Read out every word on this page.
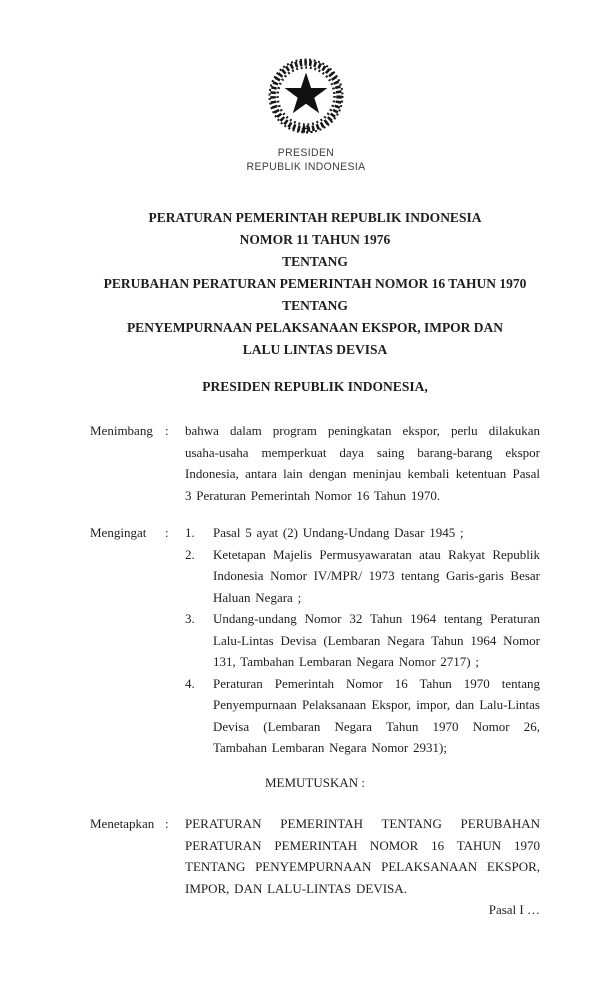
PRESIDEN
REPUBLIK INDONESIA
PERATURAN PEMERINTAH REPUBLIK INDONESIA
NOMOR 11 TAHUN 1976
TENTANG
PERUBAHAN PERATURAN PEMERINTAH NOMOR 16 TAHUN 1970 TENTANG
PENYEMPURNAAN PELAKSANAAN EKSPOR, IMPOR DAN
LALU LINTAS DEVISA
PRESIDEN REPUBLIK INDONESIA,
Menimbang :	bahwa dalam program peningkatan ekspor, perlu dilakukan usaha-usaha memperkuat daya saing barang-barang ekspor Indonesia, antara lain dengan meninjau kembali ketentuan Pasal 3 Peraturan Pemerintah Nomor 16 Tahun 1970.
Mengingat	:	1.	Pasal 5 ayat (2) Undang-Undang Dasar 1945 ;
2.	Ketetapan Majelis Permusyawaratan atau Rakyat Republik Indonesia Nomor IV/MPR/ 1973 tentang Garis-garis Besar Haluan Negara ;
3.	Undang-undang Nomor 32 Tahun 1964 tentang Peraturan Lalu-Lintas Devisa (Lembaran Negara Tahun 1964 Nomor 131, Tambahan Lembaran Negara Nomor 2717) ;
4.	Peraturan Pemerintah Nomor 16 Tahun 1970 tentang Penyempurnaan Pelaksanaan Ekspor, impor, dan Lalu-Lintas Devisa (Lembaran Negara Tahun 1970 Nomor 26, Tambahan Lembaran Negara Nomor 2931);
MEMUTUSKAN :
Menetapkan :	PERATURAN PEMERINTAH TENTANG PERUBAHAN PERATURAN PEMERINTAH NOMOR 16 TAHUN 1970 TENTANG PENYEMPURNAAN PELAKSANAAN EKSPOR, IMPOR, DAN LALU-LINTAS DEVISA.
Pasal I …
